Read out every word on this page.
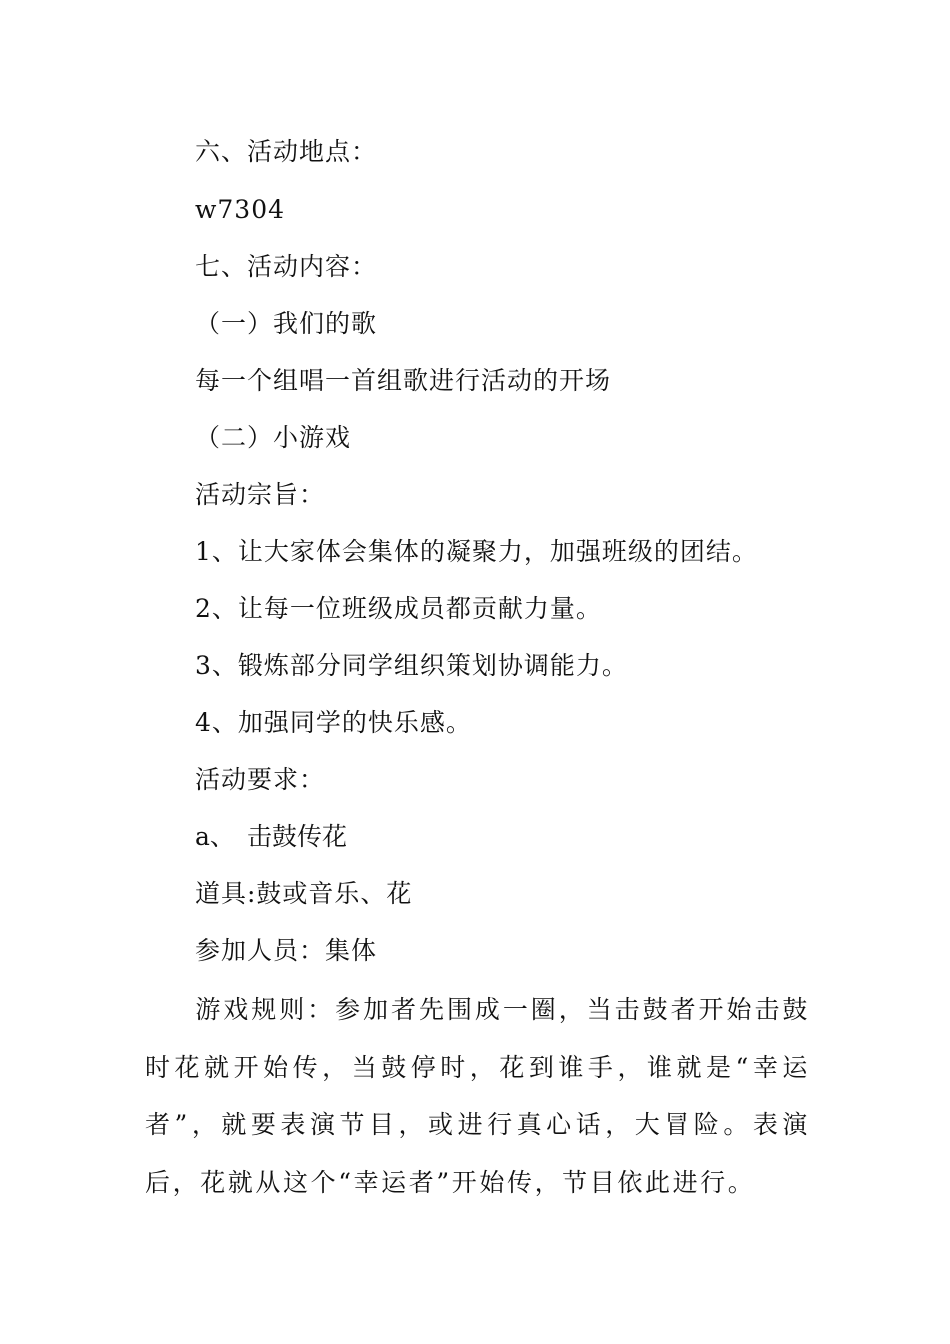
六、活动地点：
w7304
七、活动内容：
（一）我们的歌
每一个组唱一首组歌进行活动的开场
（二）小游戏
活动宗旨：
1、让大家体会集体的凝聚力，加强班级的团结。
2、让每一位班级成员都贡献力量。
3、锻炼部分同学组织策划协调能力。
4、加强同学的快乐感。
活动要求：
a、 击鼓传花
道具:鼓或音乐、花
参加人员：集体
游戏规则：参加者先围成一圈，当击鼓者开始击鼓时花就开始传，当鼓停时，花到谁手，谁就是“幸运者”，就要表演节目，或进行真心话，大冒险。表演后，花就从这个“幸运者”开始传，节目依此进行。
